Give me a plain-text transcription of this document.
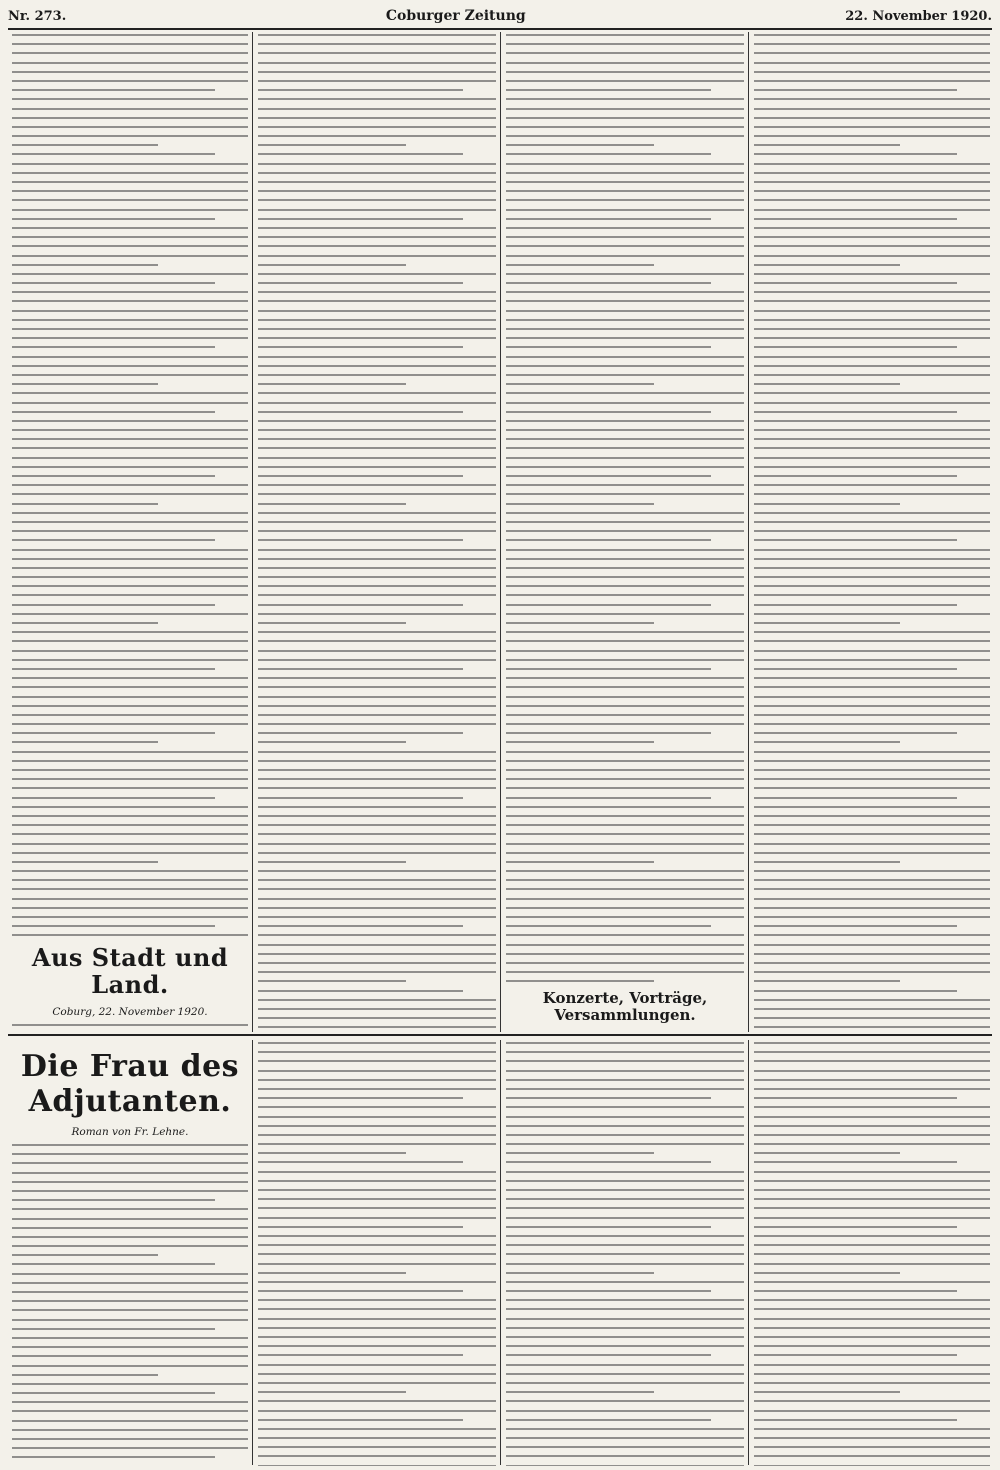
Nr. 273.	Coburger Zeitung	22. November 1920.
Aus Stadt und Land.
Coburg, 22. November 1920.
Konzerte, Vorträge, Versammlungen.
Die Frau des Adjutanten.
Roman von Fr. Lehne.
